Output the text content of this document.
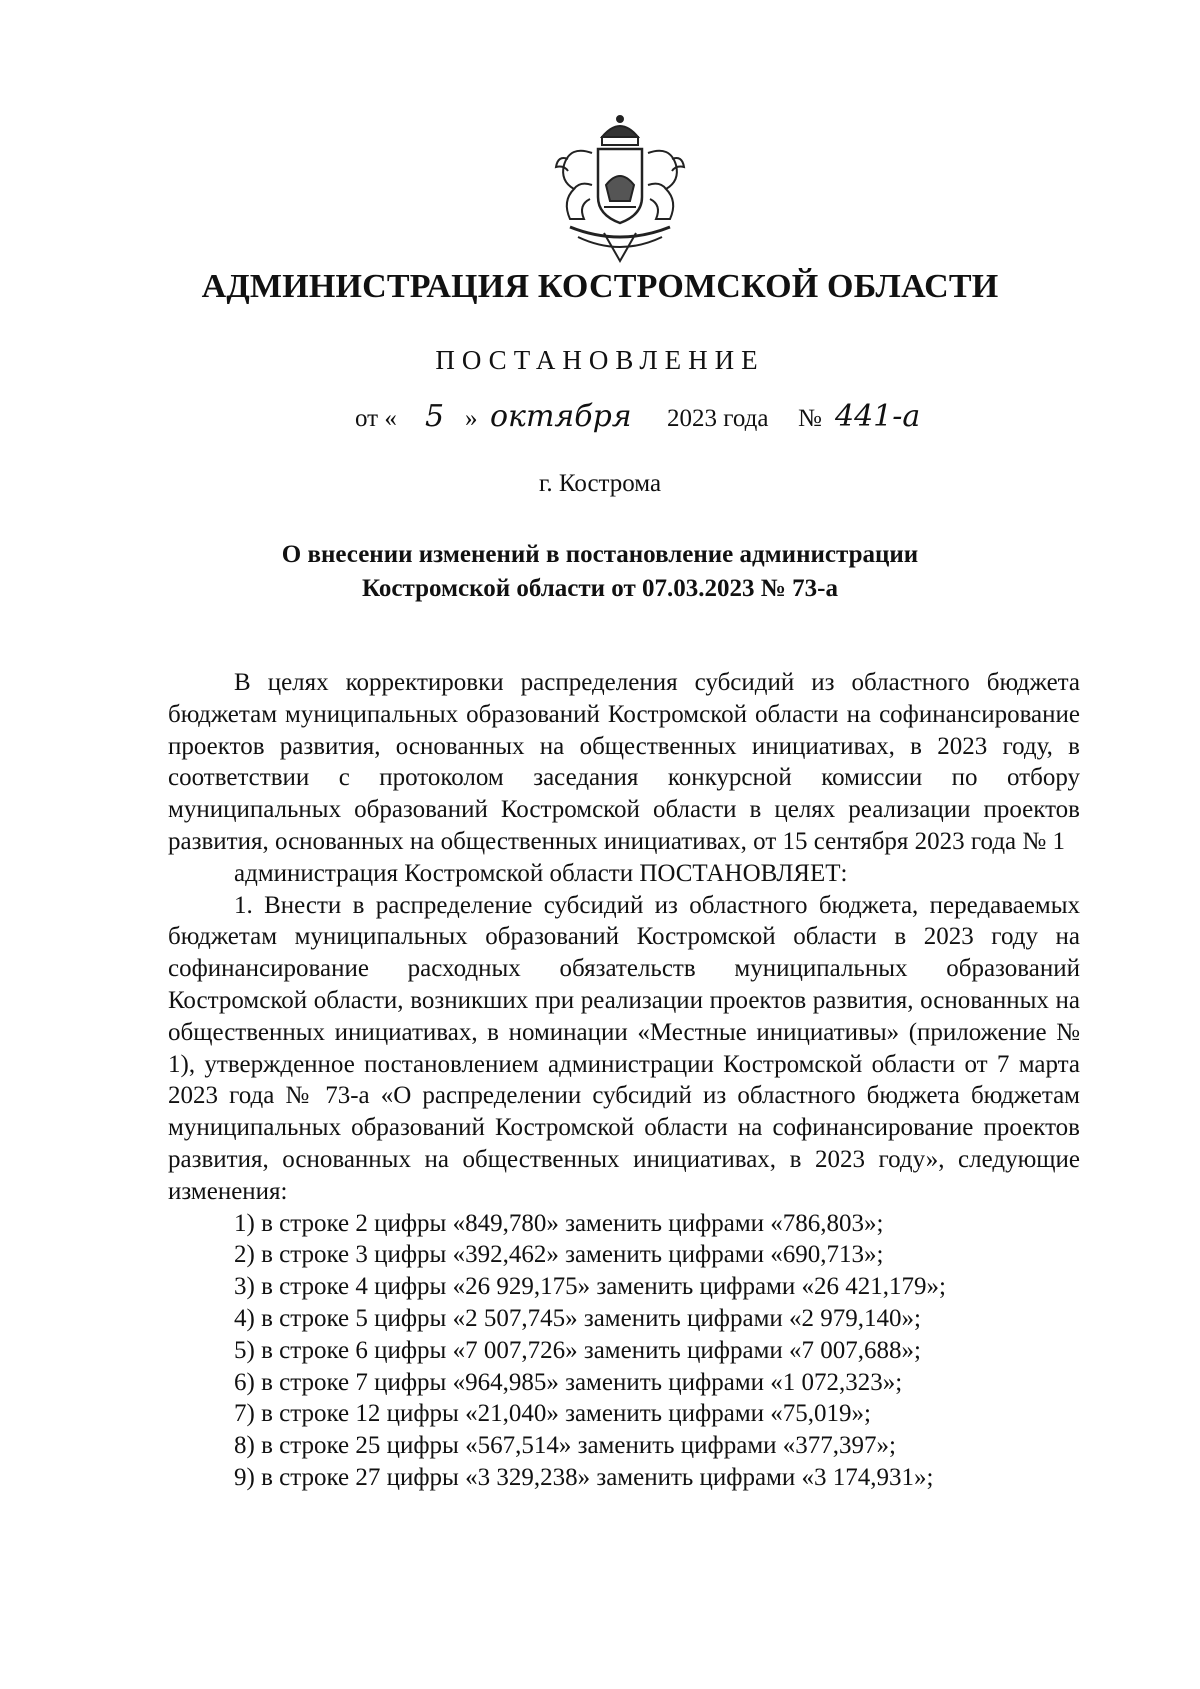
АДМИНИСТРАЦИЯ КОСТРОМСКОЙ ОБЛАСТИ
ПОСТАНОВЛЕНИЕ
от « 5 » октября 2023 года № 441-а
г. Кострома
О внесении изменений в постановление администрации
Костромской области от 07.03.2023 № 73-а

В целях корректировки распределения субсидий из областного бюджета бюджетам муниципальных образований Костромской области на софинансирование проектов развития, основанных на общественных инициативах, в 2023 году, в соответствии с протоколом заседания конкурсной комиссии по отбору муниципальных образований Костромской области в целях реализации проектов развития, основанных на общественных инициативах, от 15 сентября 2023 года № 1

администрация Костромской области ПОСТАНОВЛЯЕТ:

1. Внести в распределение субсидий из областного бюджета, передаваемых бюджетам муниципальных образований Костромской области в 2023 году на софинансирование расходных обязательств муниципальных образований Костромской области, возникших при реализации проектов развития, основанных на общественных инициативах, в номинации «Местные инициативы» (приложение № 1), утвержденное постановлением администрации Костромской области от 7 марта 2023 года № 73-а «О распределении субсидий из областного бюджета бюджетам муниципальных образований Костромской области на софинансирование проектов развития, основанных на общественных инициативах, в 2023 году», следующие изменения:

1) в строке 2 цифры «849,780» заменить цифрами «786,803»;
2) в строке 3 цифры «392,462» заменить цифрами «690,713»;
3) в строке 4 цифры «26 929,175» заменить цифрами «26 421,179»;
4) в строке 5 цифры «2 507,745» заменить цифрами «2 979,140»;
5) в строке 6 цифры «7 007,726» заменить цифрами «7 007,688»;
6) в строке 7 цифры «964,985» заменить цифрами «1 072,323»;
7) в строке 12 цифры «21,040» заменить цифрами «75,019»;
8) в строке 25 цифры «567,514» заменить цифрами «377,397»;
9) в строке 27 цифры «3 329,238» заменить цифрами «3 174,931»;
